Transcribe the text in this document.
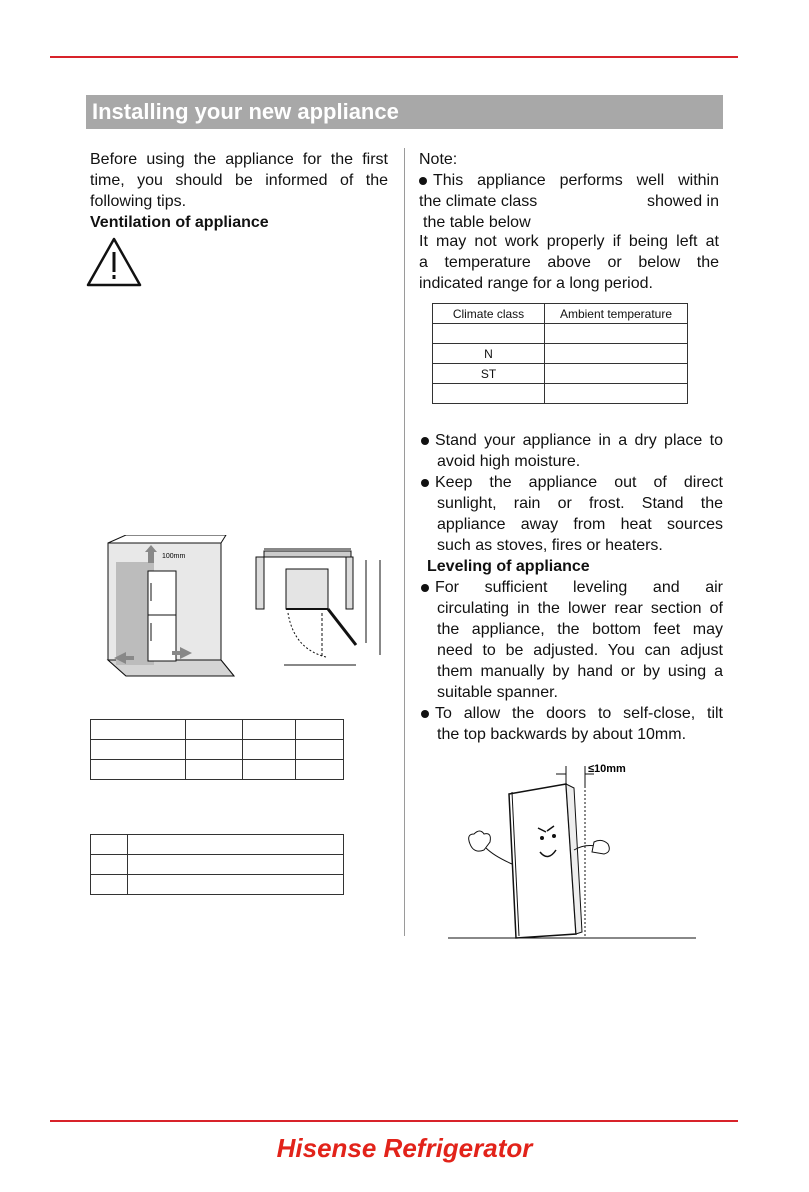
Installing your new appliance
Before using the appliance for the first
time, you should be informed of the
following tips.
Ventilation of appliance
100mm

Note:
This appliance performs well within
the climate class	showed in
the table below
It may not work properly if being left at
a temperature above or below the
indicated range for a long period.
Climate class	Ambient temperature

N	
ST	

Stand your appliance in a dry place to
avoid high moisture.
Keep the appliance out of direct
sunlight, rain or frost. Stand the
appliance away from heat sources
such as stoves, fires or heaters.
Leveling of appliance
For sufficient leveling and air
circulating in the lower rear section of
the appliance, the bottom feet may
need to be adjusted. You can adjust
them manually by hand or by using a
suitable spanner.
To allow the doors to self-close, tilt
the top backwards by about 10mm.
≤10mm
Hisense Refrigerator
